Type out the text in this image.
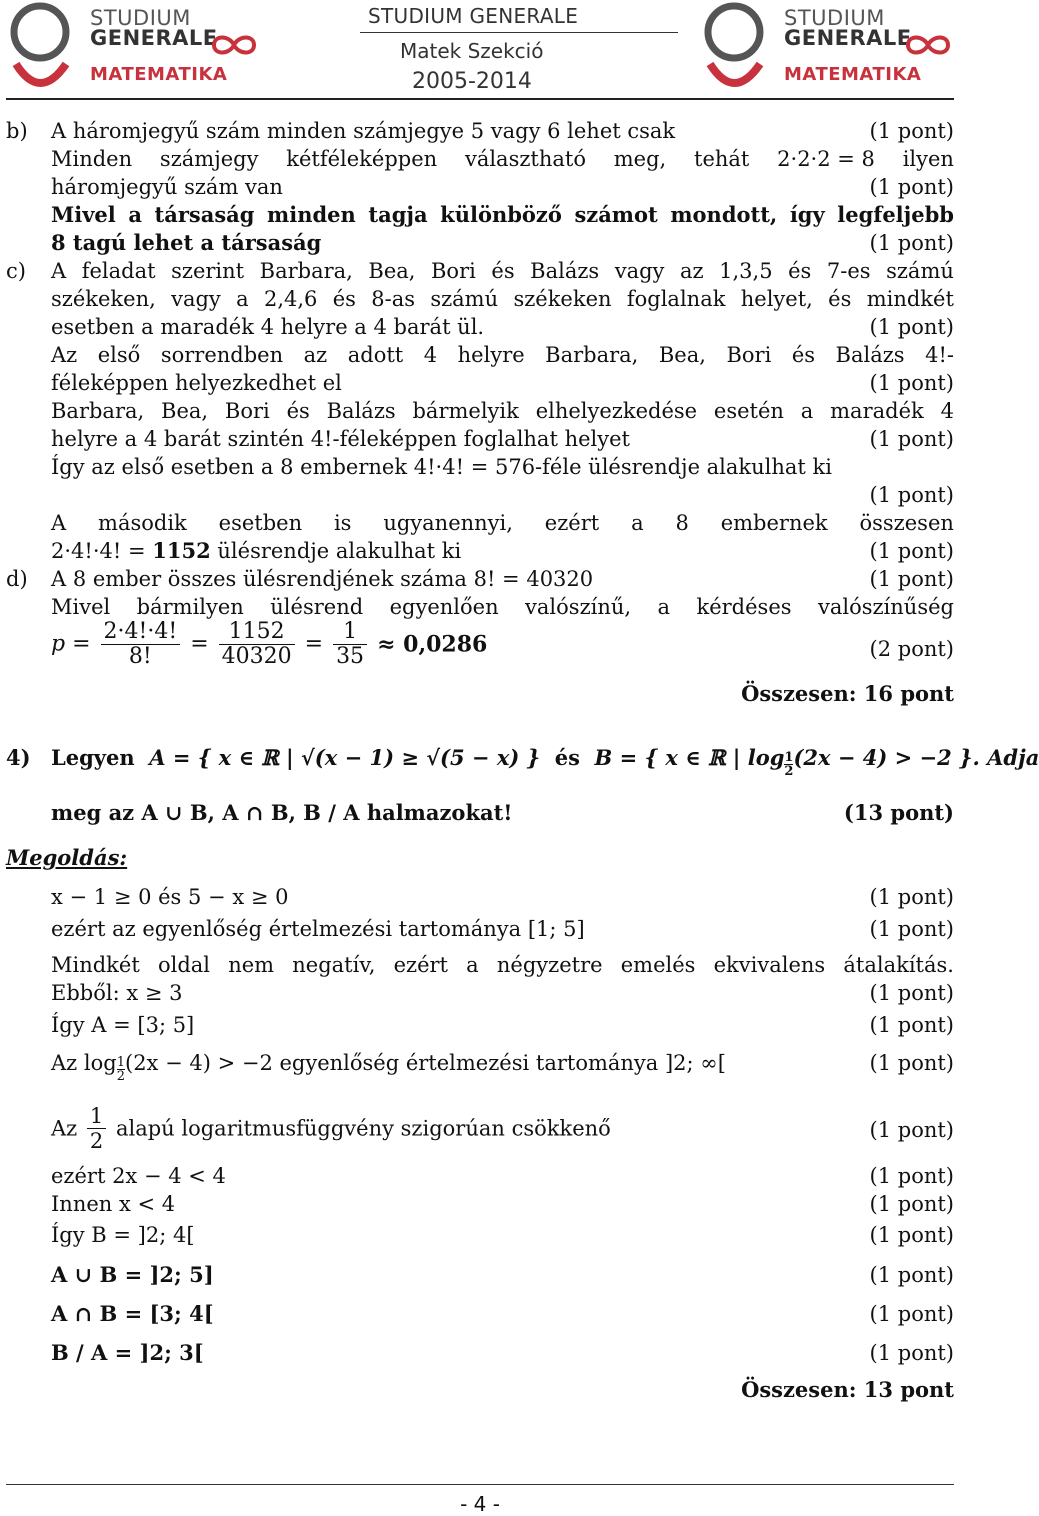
STUDIUM
GENERALE
MATEMATIKA
STUDIUM GENERALE
Matek Szekció
2005-2014
STUDIUM
GENERALE
MATEMATIKA
b) A háromjegyű szám minden számjegye 5 vagy 6 lehet csak	(1 pont)
Minden számjegy kétféleképpen választható meg, tehát 2·2·2 = 8 ilyen
háromjegyű szám van	(1 pont)
Mivel a társaság minden tagja különböző számot mondott, így legfeljebb
8 tagú lehet a társaság	(1 pont)
c) A feladat szerint Barbara, Bea, Bori és Balázs vagy az 1,3,5 és 7-es számú
székeken, vagy a 2,4,6 és 8-as számú székeken foglalnak helyet, és mindkét
esetben a maradék 4 helyre a 4 barát ül.	(1 pont)
Az első sorrendben az adott 4 helyre Barbara, Bea, Bori és Balázs 4!-
féleképpen helyezkedhet el	(1 pont)
Barbara, Bea, Bori és Balázs bármelyik elhelyezkedése esetén a maradék 4
helyre a 4 barát szintén 4!-féleképpen foglalhat helyet	(1 pont)
Így az első esetben a 8 embernek 4!·4! = 576-féle ülésrendje alakulhat ki
(1 pont)
A második esetben is ugyanennyi, ezért a 8 embernek összesen
2·4!·4! = 1152 ülésrendje alakulhat ki	(1 pont)
d) A 8 ember összes ülésrendjének száma 8! = 40320	(1 pont)
Mivel bármilyen ülésrend egyenlően valószínű, a kérdéses valószínűség
$p = \frac{2\cdot 4!\cdot 4!}{8!} = \frac{1152}{40320} = \frac{1}{35} \approx 0,0286$	(2 pont)
Összesen: 16 pont
4) Legyen A = { x ∈ ℝ | √(x − 1) ≥ √(5 − x) } és B = { x ∈ ℝ | $\log \frac{1}{2}(2x - 4) > -2$ }. Adja
meg az A ∪ B, A ∩ B, B / A halmazokat!	(13 pont)
Megoldás:
x − 1 ≥ 0 és 5 − x ≥ 0	(1 pont)
ezért az egyenlőség értelmezési tartománya [1; 5]	(1 pont)
Mindkét oldal nem negatív, ezért a négyzetre emelés ekvivalens átalakítás.
Ebből: x ≥ 3	(1 pont)
Így A = [3; 5]	(1 pont)
Az $\log \frac{1}{2}(2x - 4) > -2$ egyenlőség értelmezési tartománya ]2; ∞[	(1 pont)
Az $\frac{1}{2}$ alapú logaritmusfüggvény szigorúan csökkenő	(1 pont)
ezért 2x − 4 < 4	(1 pont)
Innen x < 4	(1 pont)
Így B = ]2; 4[	(1 pont)
A ∪ B = ]2; 5]	(1 pont)
A ∩ B = [3; 4[	(1 pont)
B / A = ]2; 3[	(1 pont)
Összesen: 13 pont
- 4 -
